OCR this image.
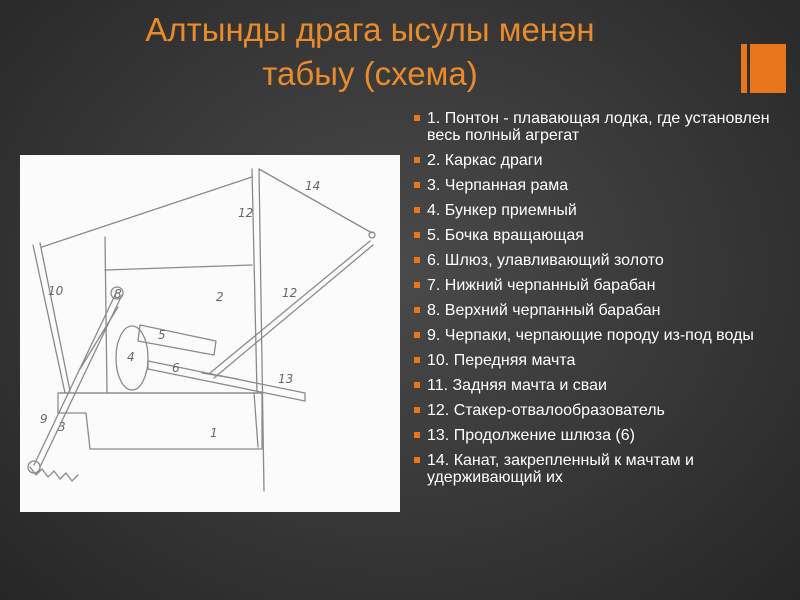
Алтынды драга ысулы менән
табыу (схема)
1
2
3
4
5
6
8
9
10
12
12
13
14
1. Понтон - плавающая лодка, где установлен весь полный агрегат
2. Каркас драги
3. Черпанная рама
4. Бункер приемный
5. Бочка вращающая
6. Шлюз, улавливающий золото
7. Нижний черпанный барабан
8. Верхний черпанный барабан
9. Черпаки, черпающие породу из-под воды
10. Передняя мачта
11. Задняя мачта и сваи
12. Стакер-отвалообразователь
13. Продолжение шлюза (6)
14. Канат, закрепленный к мачтам и удерживающий их
